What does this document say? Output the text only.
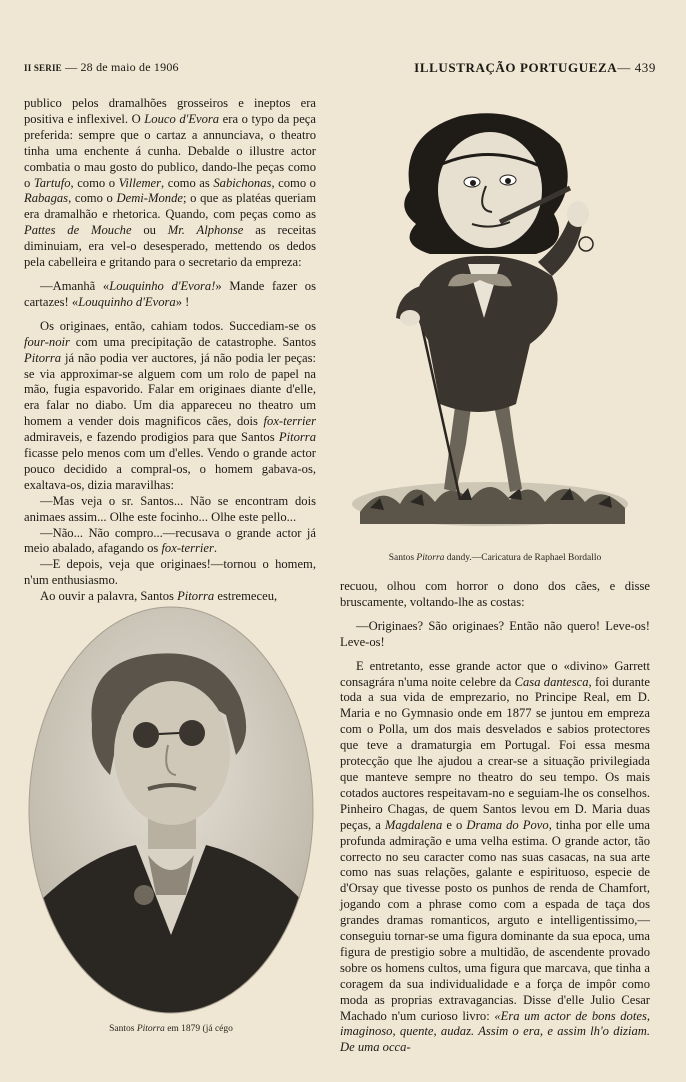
II SERIE — 28 de maio de 1906	ILLUSTRAÇÃO PORTUGUEZA— 439

publico pelos dramalhões grosseiros e ineptos era positiva e inflexivel. O Louco d'Evora era o typo da peça preferida: sempre que o cartaz a annunciava, o theatro tinha uma enchente á cunha. Debalde o illustre actor combatia o mau gosto do publico, dando-lhe peças como o Tartufo, como o Villemer, como as Sabichonas, como o Rabagas, como o Demi-Monde; o que as platéas queriam era dramalhão e rhetorica. Quando, com peças como as Pattes de Mouche ou Mr. Alphonse as receitas diminuiam, era vel-o desesperado, mettendo os dedos pela cabelleira e gritando para o secretario da empreza:

—Amanhã «Louquinho d'Evora!» Mande fazer os cartazes! «Louquinho d'Evora» !

Os originaes, então, cahiam todos. Succediam-se os four-noir com uma precipitação de catastrophe. Santos Pitorra já não podia ver auctores, já não podia ler peças: se via approximar-se alguem com um rolo de papel na mão, fugia espavorido. Falar em originaes diante d'elle, era falar no diabo. Um dia appareceu no theatro um homem a vender dois magnificos cães, dois fox-terrier admiraveis, e fazendo prodigios para que Santos Pitorra ficasse pelo menos com um d'elles. Vendo o grande actor pouco decidido a compral-os, o homem gabava-os, exaltava-os, dizia maravilhas:

—Mas veja o sr. Santos... Não se encontram dois animaes assim... Olhe este focinho... Olhe este pello...

—Não... Não compro...—recusava o grande actor já meio abalado, afagando os fox-terrier.

—E depois, veja que originaes!—tornou o homem, n'um enthusiasmo.

Ao ouvir a palavra, Santos Pitorra estremeceu,

Santos Pitorra dandy.—Caricatura de Raphael Bordallo

recuou, olhou com horror o dono dos cães, e disse bruscamente, voltando-lhe as costas:

—Originaes? São originaes? Então não quero! Leve-os! Leve-os!

E entretanto, esse grande actor que o «divino» Garrett consagrára n'uma noite celebre da Casa dantesca, foi durante toda a sua vida de emprezario, no Principe Real, em D. Maria e no Gymnasio onde em 1877 se juntou em empreza com o Polla, um dos mais desvelados e sabios protectores que teve a dramaturgia em Portugal. Foi essa mesma protecção que lhe ajudou a crear-se a situação privilegiada que manteve sempre no theatro do seu tempo. Os mais cotados auctores respeitavam-no e seguiam-lhe os conselhos. Pinheiro Chagas, de quem Santos levou em D. Maria duas peças, a Magdalena e o Drama do Povo, tinha por elle uma profunda admiração e uma velha estima. O grande actor, tão correcto no seu caracter como nas suas casacas, na sua arte como nas suas relações, galante e espirituoso, especie de d'Orsay que tivesse posto os punhos de renda de Chamfort, jogando com a phrase como com a espada de taça dos grandes dramas romanticos, arguto e intelligentissimo,—conseguiu tornar-se uma figura dominante da sua epoca, uma figura de prestigio sobre a multidão, de ascendente provado sobre os homens cultos, uma figura que marcava, que tinha a coragem da sua individualidade e a força de impôr como moda as proprias extravagancias. Disse d'elle Julio Cesar Machado n'um curioso livro: «Era um actor de bons dotes, imaginoso, quente, audaz. Assim o era, e assim lh'o diziam. De uma occa-

Santos Pitorra em 1879 (já cégo
